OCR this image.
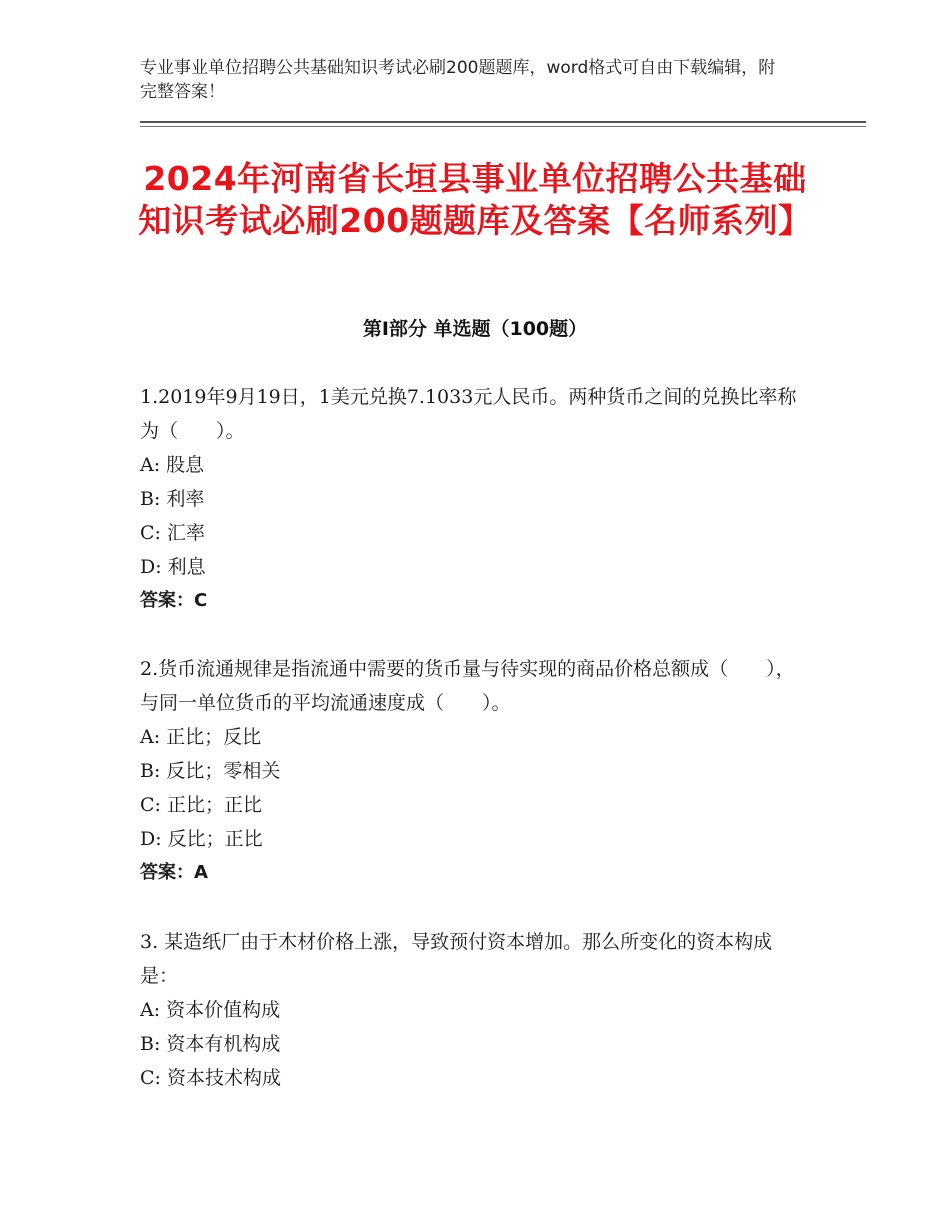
专业事业单位招聘公共基础知识考试必刷200题题库，word格式可自由下载编辑，附完整答案！
2024年河南省长垣县事业单位招聘公共基础知识考试必刷200题题库及答案【名师系列】
第Ⅰ部分 单选题（100题）

1.2019年9月19日，1美元兑换7.1033元人民币。两种货币之间的兑换比率称为（　　）。

A: 股息

B: 利率

C: 汇率

D: 利息

答案：C

2.货币流通规律是指流通中需要的货币量与待实现的商品价格总额成（　　），与同一单位货币的平均流通速度成（　　）。

A: 正比；反比

B: 反比；零相关

C: 正比；正比

D: 反比；正比

答案：A

3. 某造纸厂由于木材价格上涨，导致预付资本增加。那么所变化的资本构成是：

A: 资本价值构成

B: 资本有机构成

C: 资本技术构成
